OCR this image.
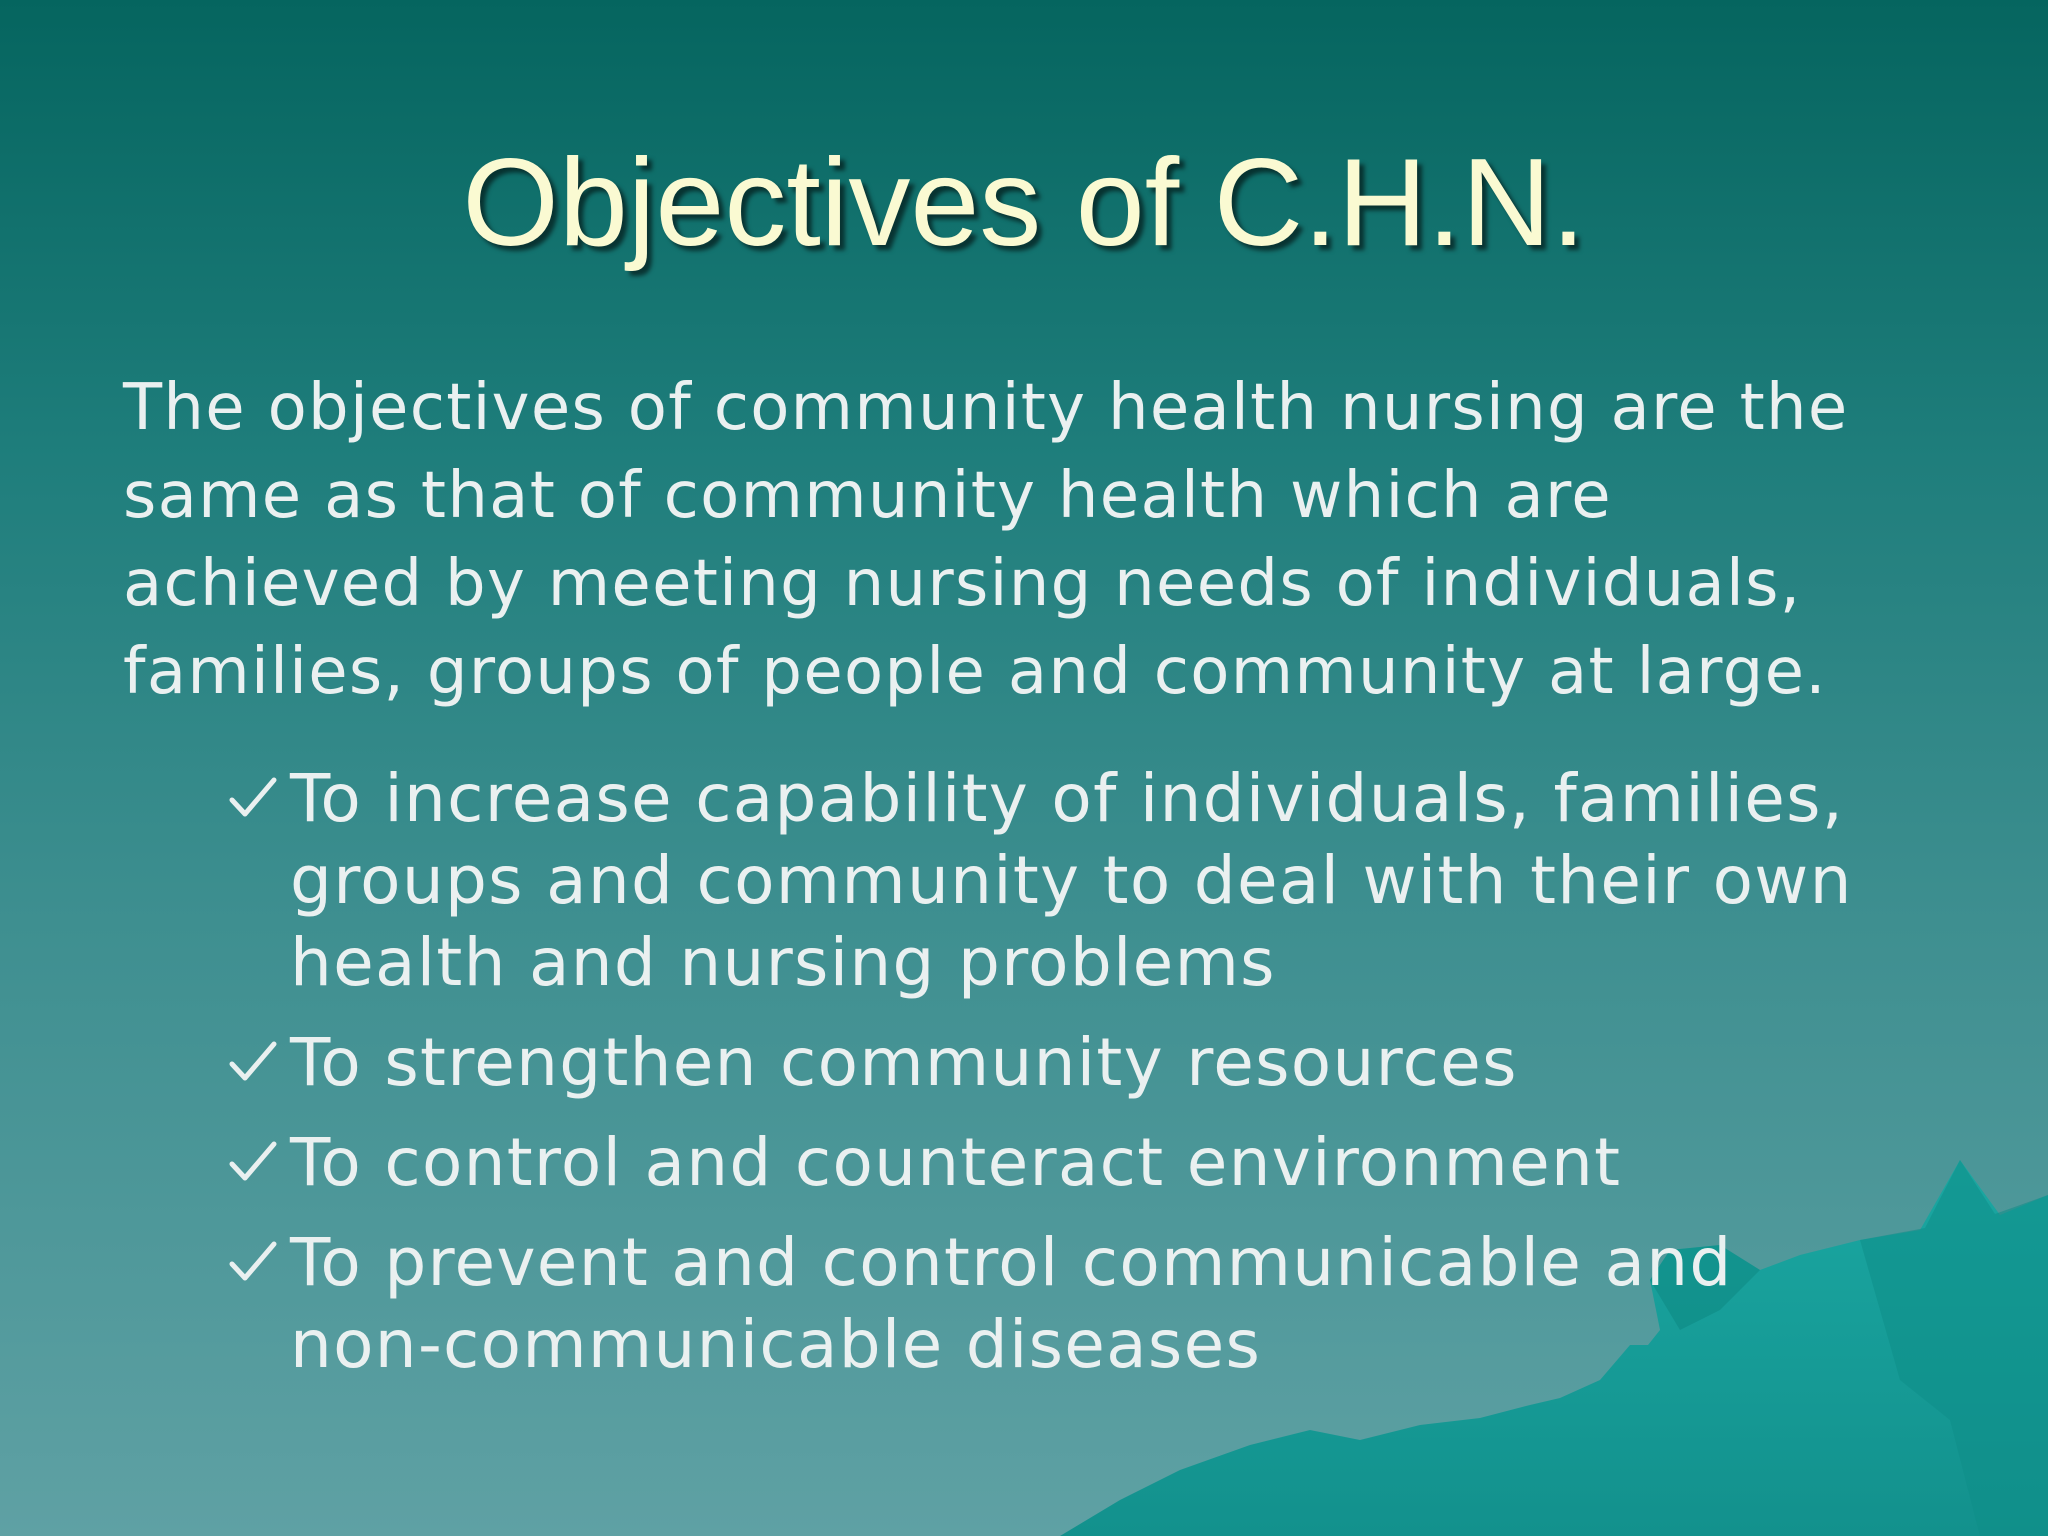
Objectives of C.H.N.

The objectives of community health nursing are the
same as that of community health which are
achieved by meeting nursing needs of individuals,
families, groups of people and community at large.

To increase capability of individuals, families,
groups and community to deal with their own
health and nursing problems
To strengthen community resources
To control and counteract environment
To prevent and control communicable and
non-communicable diseases
